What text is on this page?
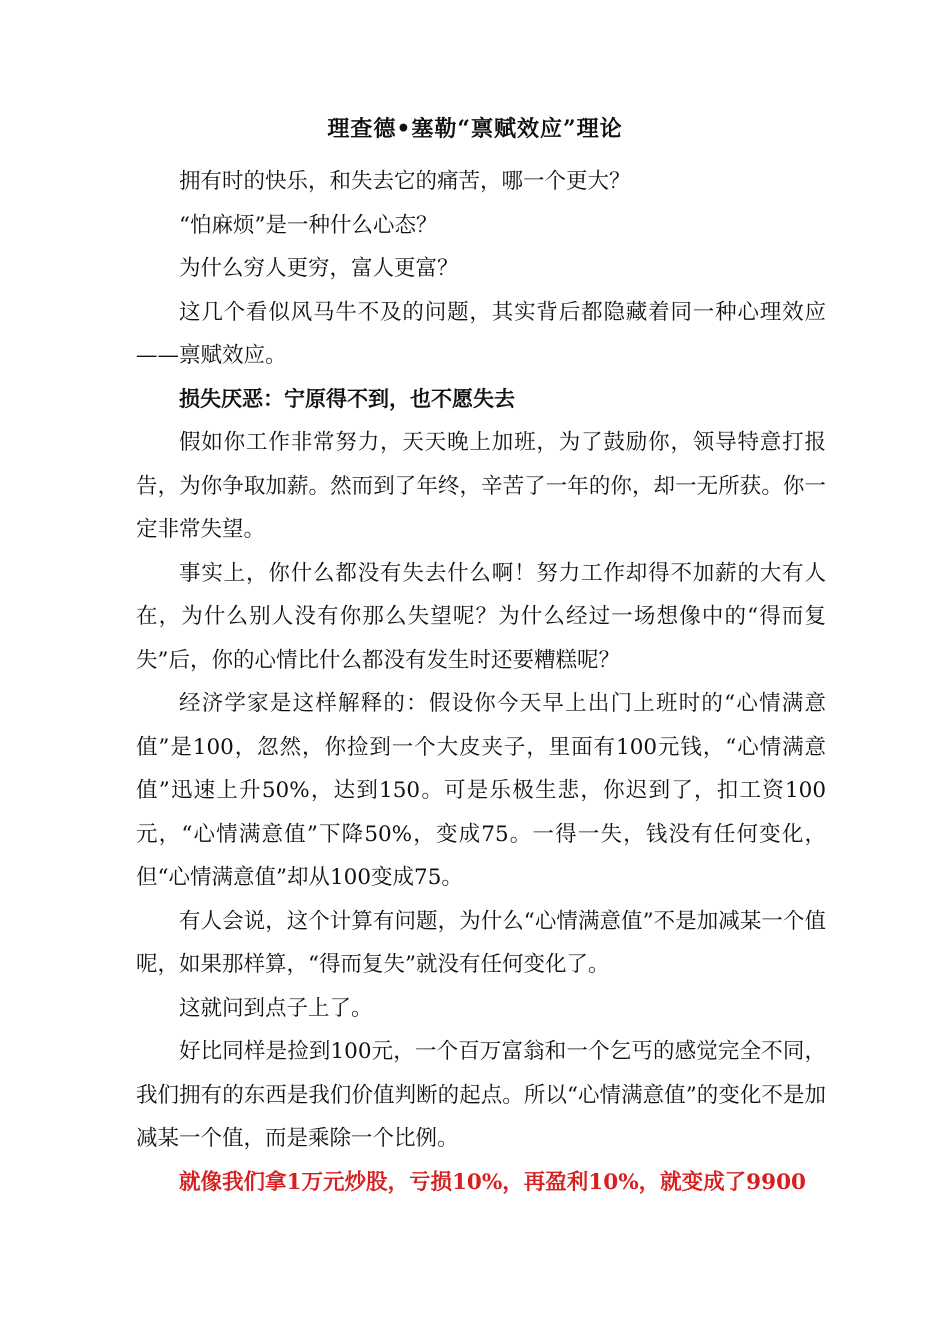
理查德•塞勒“禀赋效应”理论

拥有时的快乐，和失去它的痛苦，哪一个更大？

“怕麻烦”是一种什么心态？

为什么穷人更穷，富人更富？

这几个看似风马牛不及的问题，其实背后都隐藏着同一种心理效应——禀赋效应。

损失厌恶：宁原得不到，也不愿失去

假如你工作非常努力，天天晚上加班，为了鼓励你，领导特意打报告，为你争取加薪。然而到了年终，辛苦了一年的你，却一无所获。你一定非常失望。

事实上，你什么都没有失去什么啊！努力工作却得不加薪的大有人在，为什么别人没有你那么失望呢？为什么经过一场想像中的“得而复失”后，你的心情比什么都没有发生时还要糟糕呢？

经济学家是这样解释的：假设你今天早上出门上班时的“心情满意值”是100，忽然，你捡到一个大皮夹子，里面有100元钱，“心情满意值”迅速上升50%，达到150。可是乐极生悲，你迟到了，扣工资100元，“心情满意值”下降50%，变成75。一得一失，钱没有任何变化，但“心情满意值”却从100变成75。

有人会说，这个计算有问题，为什么“心情满意值”不是加减某一个值呢，如果那样算，“得而复失”就没有任何变化了。

这就问到点子上了。

好比同样是捡到100元，一个百万富翁和一个乞丐的感觉完全不同，我们拥有的东西是我们价值判断的起点。所以“心情满意值”的变化不是加减某一个值，而是乘除一个比例。

就像我们拿1万元炒股，亏损10%，再盈利10%，就变成了9900
